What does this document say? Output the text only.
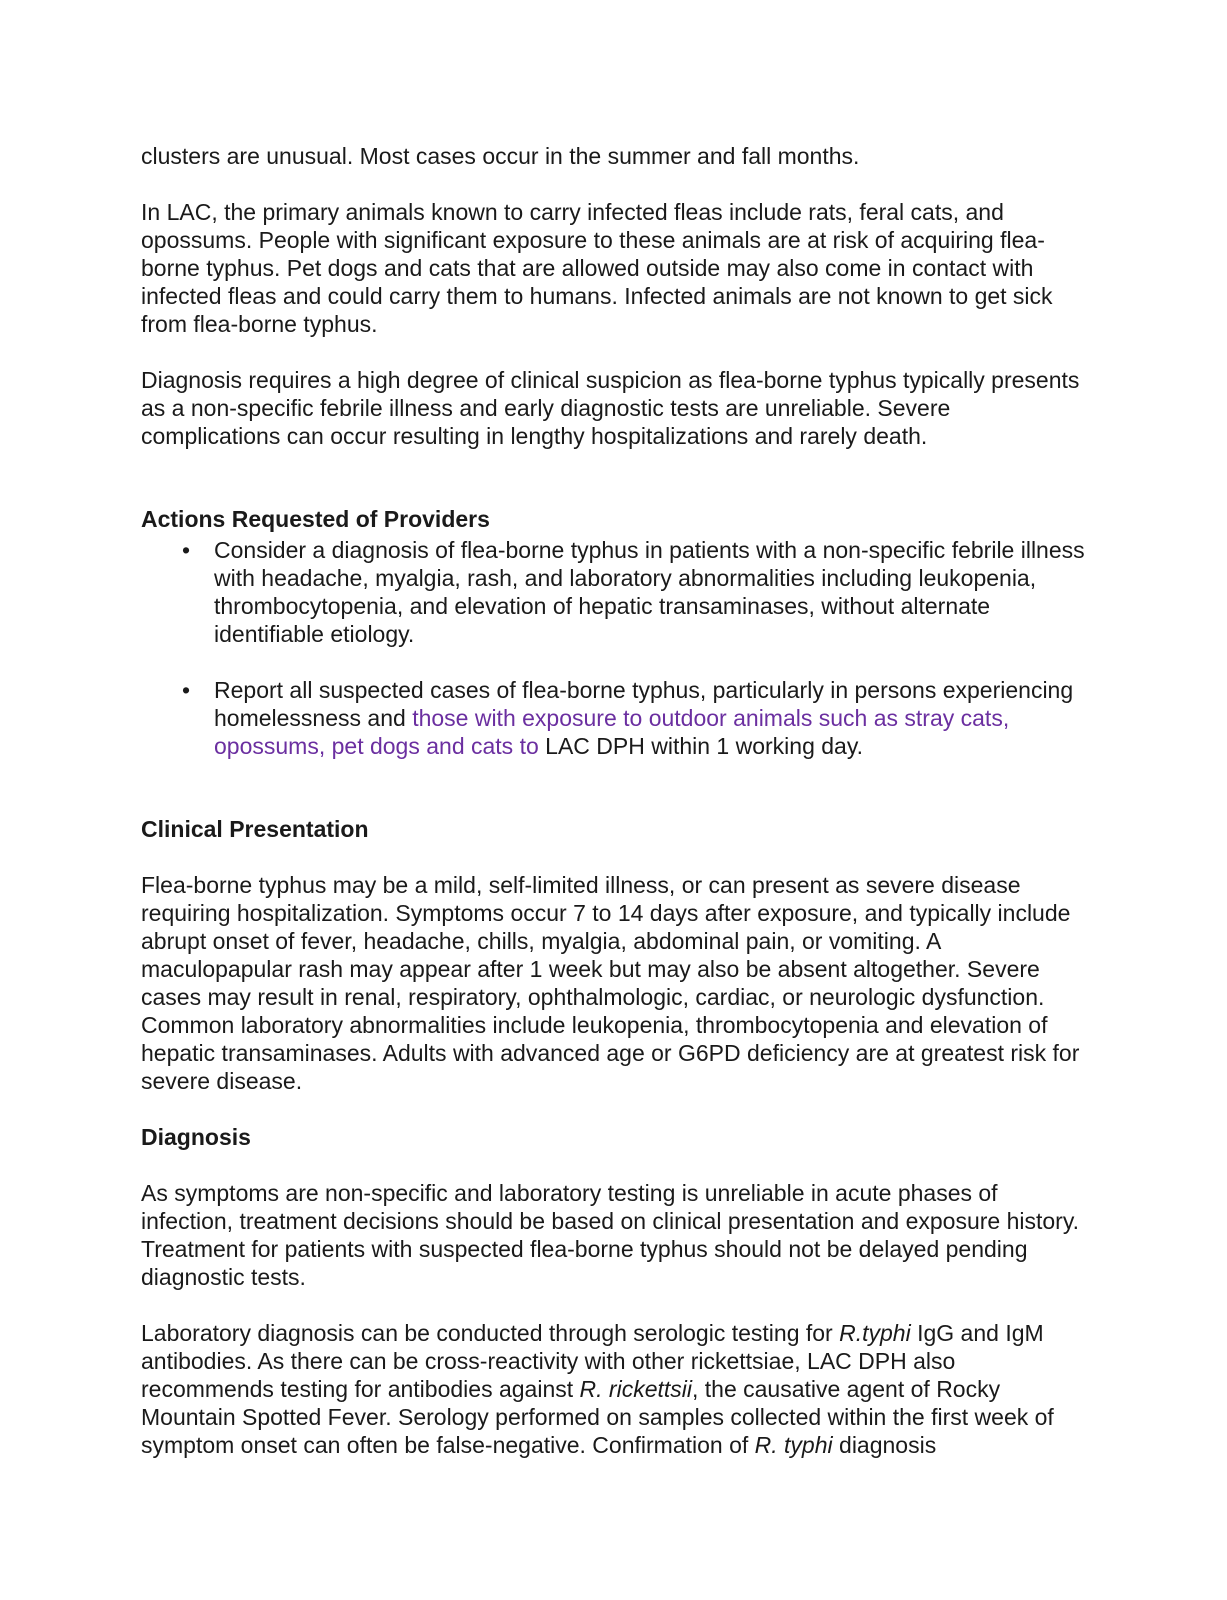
clusters are unusual. Most cases occur in the summer and fall months.

In LAC, the primary animals known to carry infected fleas include rats, feral cats, and opossums. People with significant exposure to these animals are at risk of acquiring flea-borne typhus. Pet dogs and cats that are allowed outside may also come in contact with infected fleas and could carry them to humans. Infected animals are not known to get sick from flea-borne typhus.

Diagnosis requires a high degree of clinical suspicion as flea-borne typhus typically presents as a non-specific febrile illness and early diagnostic tests are unreliable. Severe complications can occur resulting in lengthy hospitalizations and rarely death.

Actions Requested of Providers
• Consider a diagnosis of flea-borne typhus in patients with a non-specific febrile illness with headache, myalgia, rash, and laboratory abnormalities including leukopenia, thrombocytopenia, and elevation of hepatic transaminases, without alternate identifiable etiology.
• Report all suspected cases of flea-borne typhus, particularly in persons experiencing homelessness and those with exposure to outdoor animals such as stray cats, opossums, pet dogs and cats to LAC DPH within 1 working day.
Clinical Presentation

Flea-borne typhus may be a mild, self-limited illness, or can present as severe disease requiring hospitalization. Symptoms occur 7 to 14 days after exposure, and typically include abrupt onset of fever, headache, chills, myalgia, abdominal pain, or vomiting. A maculopapular rash may appear after 1 week but may also be absent altogether. Severe cases may result in renal, respiratory, ophthalmologic, cardiac, or neurologic dysfunction. Common laboratory abnormalities include leukopenia, thrombocytopenia and elevation of hepatic transaminases. Adults with advanced age or G6PD deficiency are at greatest risk for severe disease.

Diagnosis

As symptoms are non-specific and laboratory testing is unreliable in acute phases of infection, treatment decisions should be based on clinical presentation and exposure history. Treatment for patients with suspected flea-borne typhus should not be delayed pending diagnostic tests.

Laboratory diagnosis can be conducted through serologic testing for R.typhi IgG and IgM antibodies. As there can be cross-reactivity with other rickettsiae, LAC DPH also recommends testing for antibodies against R. rickettsii, the causative agent of Rocky Mountain Spotted Fever. Serology performed on samples collected within the first week of symptom onset can often be false-negative. Confirmation of R. typhi diagnosis
